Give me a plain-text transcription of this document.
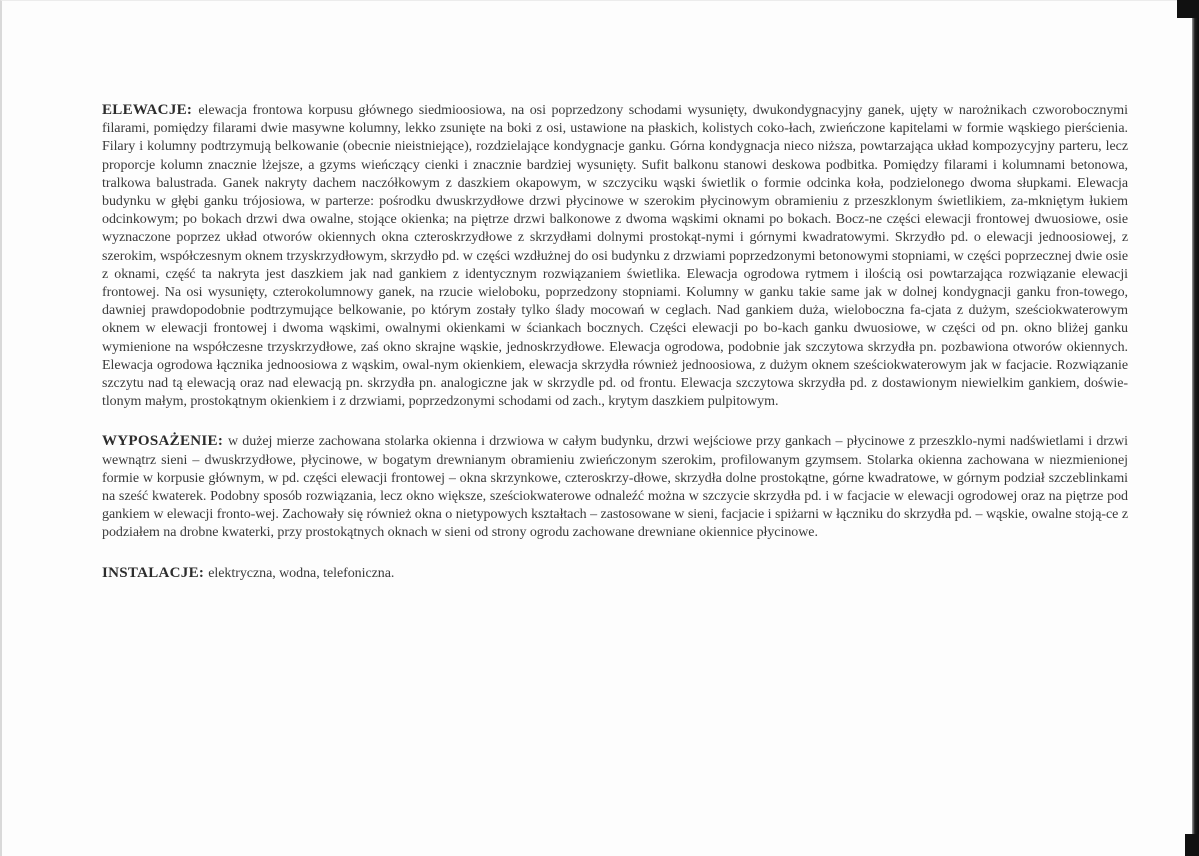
ELEWACJE: elewacja frontowa korpusu głównego siedmioosiowa, na osi poprzedzony schodami wysunięty, dwukondygnacyjny ganek, ujęty w narożnikach czworobocznymi filarami, pomiędzy filarami dwie masywne kolumny, lekko zsunięte na boki z osi, ustawione na płaskich, kolistych coko-łach, zwieńczone kapitelami w formie wąskiego pierścienia. Filary i kolumny podtrzymują belkowanie (obecnie nieistniejące), rozdzielające kondygnacje ganku. Górna kondygnacja nieco niższa, powtarzająca układ kompozycyjny parteru, lecz proporcje kolumn znacznie lżejsze, a gzyms wieńczący cienki i znacznie bardziej wysunięty. Sufit balkonu stanowi deskowa podbitka. Pomiędzy filarami i kolumnami betonowa, tralkowa balustrada. Ganek nakryty dachem naczółkowym z daszkiem okapowym, w szczyciku wąski świetlik o formie odcinka koła, podzielonego dwoma słupkami. Elewacja budynku w głębi ganku trójosiowa, w parterze: pośrodku dwuskrzydłowe drzwi płycinowe w szerokim płycinowym obramieniu z przeszklonym świetlikiem, za-mkniętym łukiem odcinkowym; po bokach drzwi dwa owalne, stojące okienka; na piętrze drzwi balkonowe z dwoma wąskimi oknami po bokach. Bocz-ne części elewacji frontowej dwuosiowe, osie wyznaczone poprzez układ otworów okiennych okna czteroskrzydłowe z skrzydłami dolnymi prostokąt-nymi i górnymi kwadratowymi. Skrzydło pd. o elewacji jednoosiowej, z szerokim, współczesnym oknem trzyskrzydłowym, skrzydło pd. w części wzdłużnej do osi budynku z drzwiami poprzedzonymi betonowymi stopniami, w części poprzecznej dwie osie z oknami, część ta nakryta jest daszkiem jak nad gankiem z identycznym rozwiązaniem świetlika. Elewacja ogrodowa rytmem i ilością osi powtarzająca rozwiązanie elewacji frontowej. Na osi wysunięty, czterokolumnowy ganek, na rzucie wieloboku, poprzedzony stopniami. Kolumny w ganku takie same jak w dolnej kondygnacji ganku fron-towego, dawniej prawdopodobnie podtrzymujące belkowanie, po którym zostały tylko ślady mocowań w ceglach. Nad gankiem duża, wieloboczna fa-cjata z dużym, sześciokwaterowym oknem w elewacji frontowej i dwoma wąskimi, owalnymi okienkami w ściankach bocznych. Części elewacji po bo-kach ganku dwuosiowe, w części od pn. okno bliżej ganku wymienione na współczesne trzyskrzydłowe, zaś okno skrajne wąskie, jednoskrzydłowe. Elewacja ogrodowa, podobnie jak szczytowa skrzydła pn. pozbawiona otworów okiennych. Elewacja ogrodowa łącznika jednoosiowa z wąskim, owal-nym okienkiem, elewacja skrzydła również jednoosiowa, z dużym oknem sześciokwaterowym jak w facjacie. Rozwiązanie szczytu nad tą elewacją oraz nad elewacją pn. skrzydła pn. analogiczne jak w skrzydle pd. od frontu. Elewacja szczytowa skrzydła pd. z dostawionym niewielkim gankiem, doświe-tlonym małym, prostokątnym okienkiem i z drzwiami, poprzedzonymi schodami od zach., krytym daszkiem pulpitowym.

WYPOSAŻENIE: w dużej mierze zachowana stolarka okienna i drzwiowa w całym budynku, drzwi wejściowe przy gankach – płycinowe z przeszklo-nymi nadświetlami i drzwi wewnątrz sieni – dwuskrzydłowe, płycinowe, w bogatym drewnianym obramieniu zwieńczonym szerokim, profilowanym gzymsem. Stolarka okienna zachowana w niezmienionej formie w korpusie głównym, w pd. części elewacji frontowej – okna skrzynkowe, czteroskrzy-dłowe, skrzydła dolne prostokątne, górne kwadratowe, w górnym podział szczeblinkami na sześć kwaterek. Podobny sposób rozwiązania, lecz okno większe, sześciokwaterowe odnaleźć można w szczycie skrzydła pd. i w facjacie w elewacji ogrodowej oraz na piętrze pod gankiem w elewacji fronto-wej. Zachowały się również okna o nietypowych kształtach – zastosowane w sieni, facjacie i spiżarni w łączniku do skrzydła pd. – wąskie, owalne stoją-ce z podziałem na drobne kwaterki, przy prostokątnych oknach w sieni od strony ogrodu zachowane drewniane okiennice płycinowe.

INSTALACJE: elektryczna, wodna, telefoniczna.
